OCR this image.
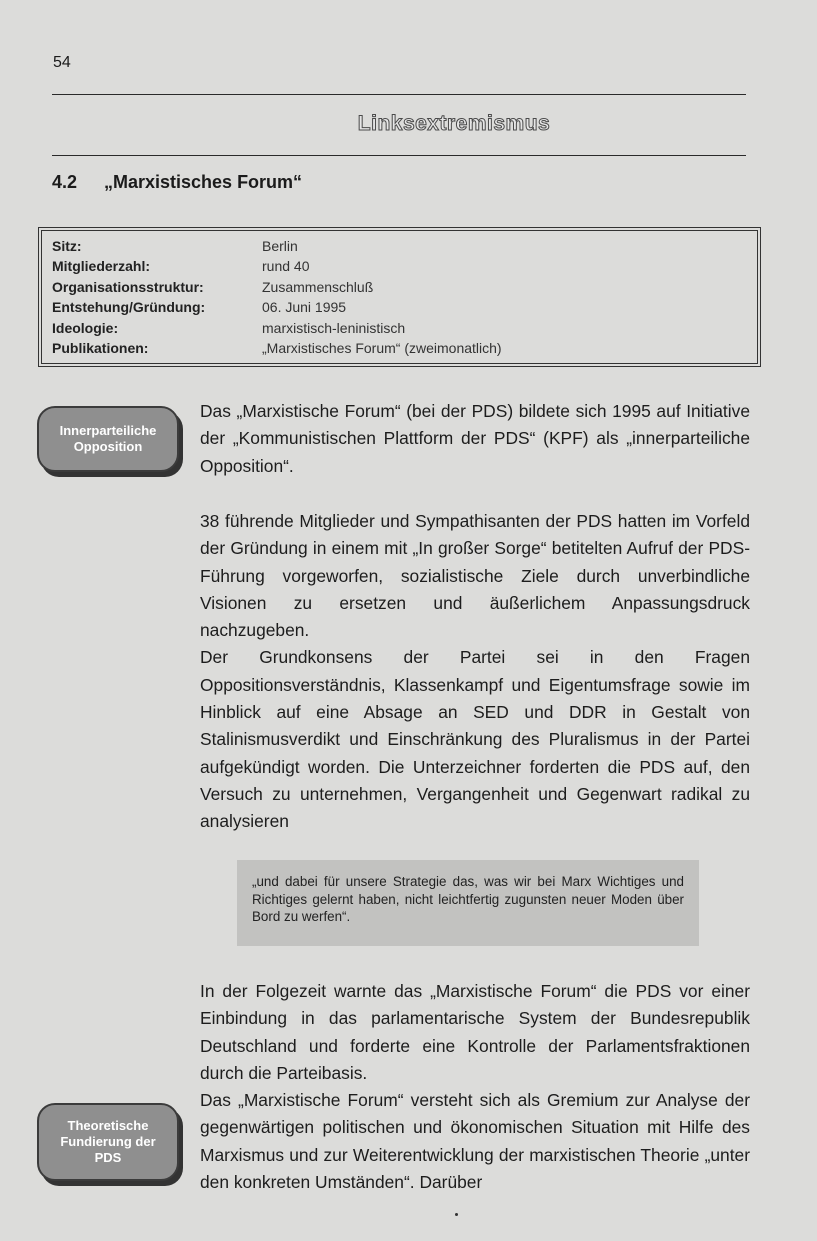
54
Linksextremismus
4.2 „Marxistisches Forum“
Sitz:	Berlin
Mitgliederzahl:	rund 40
Organisationsstruktur:	Zusammenschluß
Entstehung/Gründung:	06. Juni 1995
Ideologie:	marxistisch-leninistisch
Publikationen:	„Marxistisches Forum“ (zweimonatlich)
Innerparteiliche Opposition

Das „Marxistische Forum“ (bei der PDS) bildete sich 1995 auf Initiative der „Kommunistischen Plattform der PDS“ (KPF) als „innerparteiliche Opposition“.

38 führende Mitglieder und Sympathisanten der PDS hatten im Vorfeld der Gründung in einem mit „In großer Sorge“ betitelten Aufruf der PDS-Führung vorgeworfen, sozialistische Ziele durch unverbindliche Visionen zu ersetzen und äußerlichem Anpassungsdruck nachzugeben.

Der Grundkonsens der Partei sei in den Fragen Oppositionsverständnis, Klassenkampf und Eigentumsfrage sowie im Hinblick auf eine Absage an SED und DDR in Gestalt von Stalinismusverdikt und Einschränkung des Pluralismus in der Partei aufgekündigt worden. Die Unterzeichner forderten die PDS auf, den Versuch zu unternehmen, Vergangenheit und Gegenwart radikal zu analysieren

„und dabei für unsere Strategie das, was wir bei Marx Wichtiges und Richtiges gelernt haben, nicht leichtfertig zugunsten neuer Moden über Bord zu werfen“.

In der Folgezeit warnte das „Marxistische Forum“ die PDS vor einer Einbindung in das parlamentarische System der Bundesrepublik Deutschland und forderte eine Kontrolle der Parlamentsfraktionen durch die Parteibasis.

Das „Marxistische Forum“ versteht sich als Gremium zur Analyse der gegenwärtigen politischen und ökonomischen Situation mit Hilfe des Marxismus und zur Weiterentwicklung der marxistischen Theorie „unter den konkreten Umständen“. Darüber

Theoretische Fundierung der PDS
